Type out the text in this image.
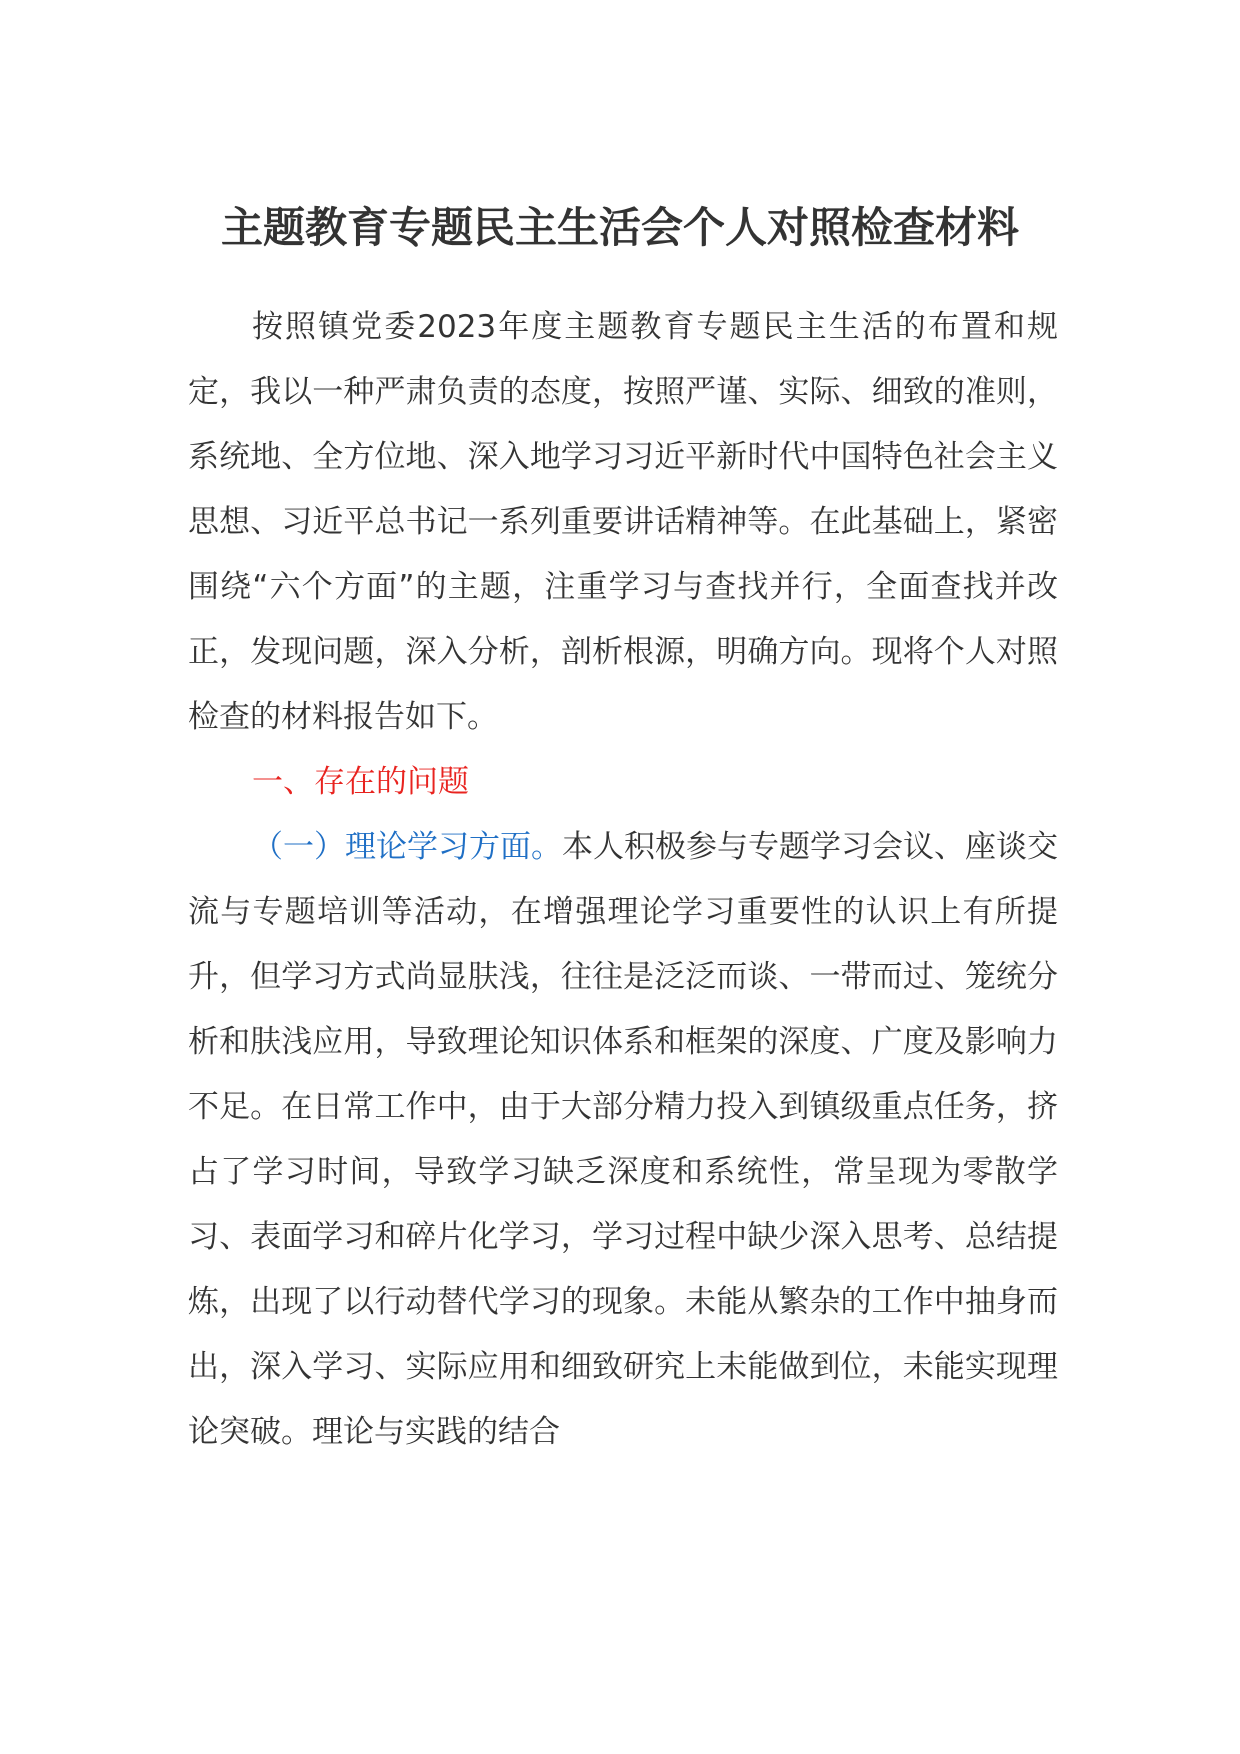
主题教育专题民主生活会个人对照检查材料

按照镇党委2023年度主题教育专题民主生活的布置和规定，我以一种严肃负责的态度，按照严谨、实际、细致的准则，系统地、全方位地、深入地学习习近平新时代中国特色社会主义思想、习近平总书记一系列重要讲话精神等。在此基础上，紧密围绕“六个方面”的主题，注重学习与查找并行，全面查找并改正，发现问题，深入分析，剖析根源，明确方向。现将个人对照检查的材料报告如下。

一、存在的问题

（一）理论学习方面。本人积极参与专题学习会议、座谈交流与专题培训等活动，在增强理论学习重要性的认识上有所提升，但学习方式尚显肤浅，往往是泛泛而谈、一带而过、笼统分析和肤浅应用，导致理论知识体系和框架的深度、广度及影响力不足。在日常工作中，由于大部分精力投入到镇级重点任务，挤占了学习时间，导致学习缺乏深度和系统性，常呈现为零散学习、表面学习和碎片化学习，学习过程中缺少深入思考、总结提炼，出现了以行动替代学习的现象。未能从繁杂的工作中抽身而出，深入学习、实际应用和细致研究上未能做到位，未能实现理论突破。理论与实践的结合
